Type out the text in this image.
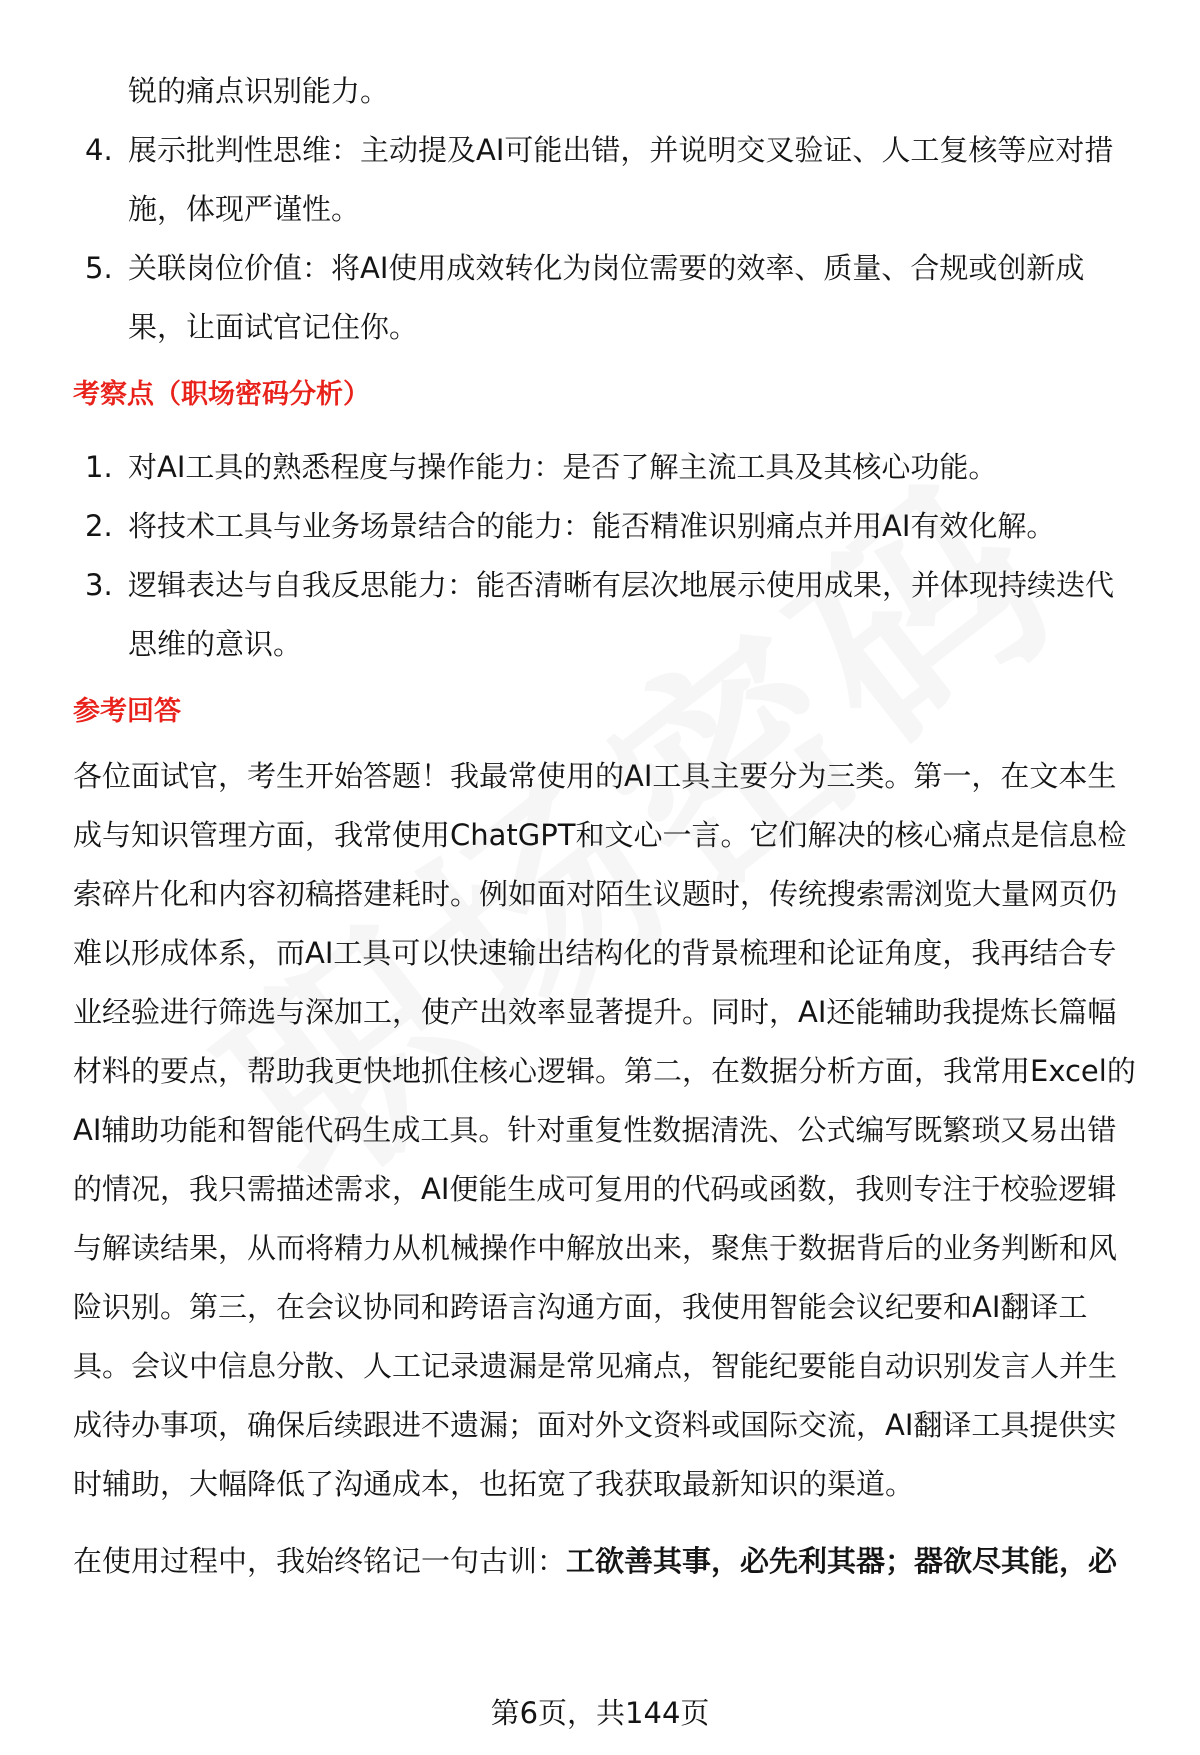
锐的痛点识别能力。
4. 展示批判性思维：主动提及AI可能出错，并说明交叉验证、人工复核等应对措施，体现严谨性。
5. 关联岗位价值：将AI使用成效转化为岗位需要的效率、质量、合规或创新成果，让面试官记住你。
考察点（职场密码分析）
1. 对AI工具的熟悉程度与操作能力：是否了解主流工具及其核心功能。
2. 将技术工具与业务场景结合的能力：能否精准识别痛点并用AI有效化解。
3. 逻辑表达与自我反思能力：能否清晰有层次地展示使用成果，并体现持续迭代思维的意识。
参考回答
各位面试官，考生开始答题！我最常使用的AI工具主要分为三类。第一，在文本生
成与知识管理方面，我常使用ChatGPT和文心一言。它们解决的核心痛点是信息检
索碎片化和内容初稿搭建耗时。例如面对陌生议题时，传统搜索需浏览大量网页仍
难以形成体系，而AI工具可以快速输出结构化的背景梳理和论证角度，我再结合专
业经验进行筛选与深加工，使产出效率显著提升。同时，AI还能辅助我提炼长篇幅
材料的要点，帮助我更快地抓住核心逻辑。第二，在数据分析方面，我常用Excel的
AI辅助功能和智能代码生成工具。针对重复性数据清洗、公式编写既繁琐又易出错
的情况，我只需描述需求，AI便能生成可复用的代码或函数，我则专注于校验逻辑
与解读结果，从而将精力从机械操作中解放出来，聚焦于数据背后的业务判断和风
险识别。第三，在会议协同和跨语言沟通方面，我使用智能会议纪要和AI翻译工
具。会议中信息分散、人工记录遗漏是常见痛点，智能纪要能自动识别发言人并生
成待办事项，确保后续跟进不遗漏；面对外文资料或国际交流，AI翻译工具提供实
时辅助，大幅降低了沟通成本，也拓宽了我获取最新知识的渠道。
在使用过程中，我始终铭记一句古训：工欲善其事，必先利其器；器欲尽其能，必
第6页，共144页
